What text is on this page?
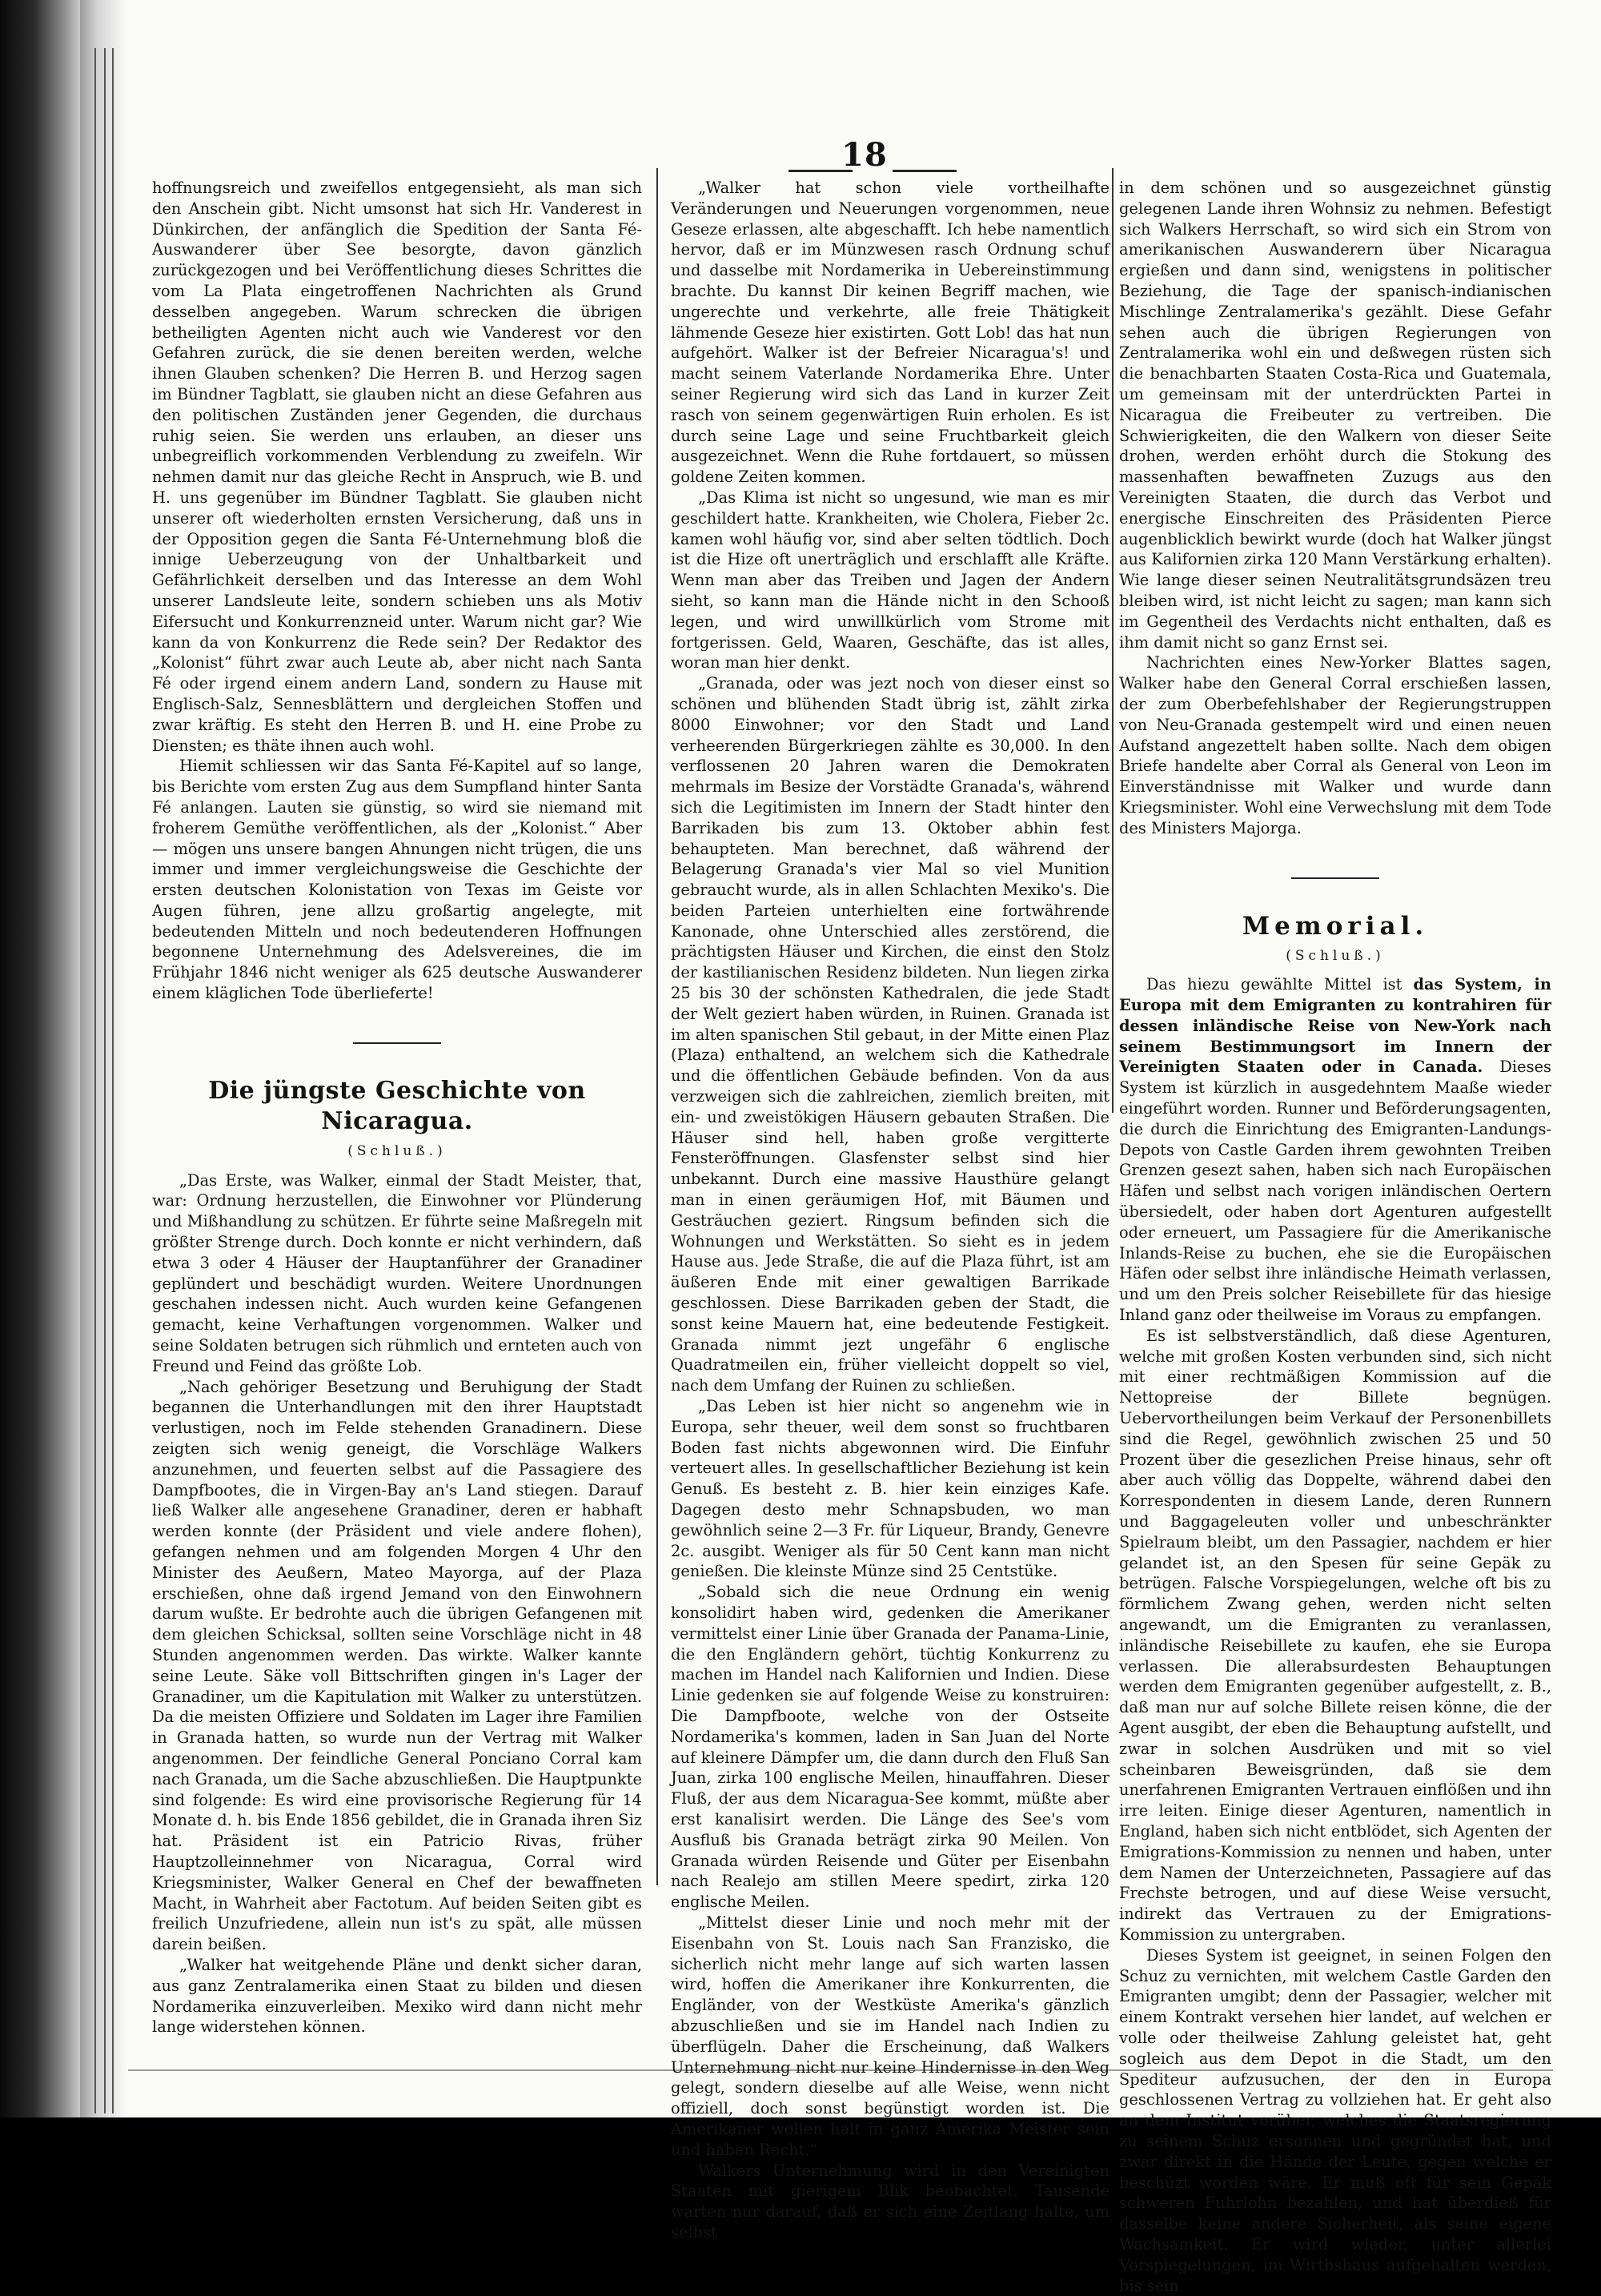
18

hoffnungsreich und zweifellos entgegensieht, als man sich den Anschein gibt. Nicht umsonst hat sich Hr. Vanderest in Dünkirchen, der anfänglich die Spedition der Santa Fé-Auswanderer über See besorgte, davon gänzlich zurückgezogen und bei Veröffentlichung dieses Schrittes die vom La Plata eingetroffenen Nachrichten als Grund desselben angegeben. Warum schrecken die übrigen betheiligten Agenten nicht auch wie Vanderest vor den Gefahren zurück, die sie denen bereiten werden, welche ihnen Glauben schenken? Die Herren B. und Herzog sagen im Bündner Tagblatt, sie glauben nicht an diese Gefahren aus den politischen Zuständen jener Gegenden, die durchaus ruhig seien. Sie werden uns erlauben, an dieser uns unbegreiflich vorkommenden Verblendung zu zweifeln. Wir nehmen damit nur das gleiche Recht in Anspruch, wie B. und H. uns gegenüber im Bündner Tagblatt. Sie glauben nicht unserer oft wiederholten ernsten Versicherung, daß uns in der Opposition gegen die Santa Fé-Unternehmung bloß die innige Ueberzeugung von der Unhaltbarkeit und Gefährlichkeit derselben und das Interesse an dem Wohl unserer Landsleute leite, sondern schieben uns als Motiv Eifersucht und Konkurrenzneid unter. Warum nicht gar? Wie kann da von Konkurrenz die Rede sein? Der Redaktor des „Kolonist“ führt zwar auch Leute ab, aber nicht nach Santa Fé oder irgend einem andern Land, sondern zu Hause mit Englisch-Salz, Sennesblättern und dergleichen Stoffen und zwar kräftig. Es steht den Herren B. und H. eine Probe zu Diensten; es thäte ihnen auch wohl.

Hiemit schliessen wir das Santa Fé-Kapitel auf so lange, bis Berichte vom ersten Zug aus dem Sumpfland hinter Santa Fé anlangen. Lauten sie günstig, so wird sie niemand mit froherem Gemüthe veröffentlichen, als der „Kolonist.“ Aber — mögen uns unsere bangen Ahnungen nicht trügen, die uns immer und immer vergleichungsweise die Geschichte der ersten deutschen Kolonistation von Texas im Geiste vor Augen führen, jene allzu großartig angelegte, mit bedeutenden Mitteln und noch bedeutenderen Hoffnungen begonnene Unternehmung des Adelsvereines, die im Frühjahr 1846 nicht weniger als 625 deutsche Auswanderer einem kläglichen Tode überlieferte!

Die jüngste Geschichte von Nicaragua.
(Schluß.)

„Das Erste, was Walker, einmal der Stadt Meister, that, war: Ordnung herzustellen, die Einwohner vor Plünderung und Mißhandlung zu schützen. Er führte seine Maßregeln mit größter Strenge durch. Doch konnte er nicht verhindern, daß etwa 3 oder 4 Häuser der Hauptanführer der Granadiner geplündert und beschädigt wurden. Weitere Unordnungen geschahen indessen nicht. Auch wurden keine Gefangenen gemacht, keine Verhaftungen vorgenommen. Walker und seine Soldaten betrugen sich rühmlich und ernteten auch von Freund und Feind das größte Lob.

„Nach gehöriger Besetzung und Beruhigung der Stadt begannen die Unterhandlungen mit den ihrer Hauptstadt verlustigen, noch im Felde stehenden Granadinern. Diese zeigten sich wenig geneigt, die Vorschläge Walkers anzunehmen, und feuerten selbst auf die Passagiere des Dampfbootes, die in Virgen-Bay an's Land stiegen. Darauf ließ Walker alle angesehene Granadiner, deren er habhaft werden konnte (der Präsident und viele andere flohen), gefangen nehmen und am folgenden Morgen 4 Uhr den Minister des Aeußern, Mateo Mayorga, auf der Plaza erschießen, ohne daß irgend Jemand von den Einwohnern darum wußte. Er bedrohte auch die übrigen Gefangenen mit dem gleichen Schicksal, sollten seine Vorschläge nicht in 48 Stunden angenommen werden. Das wirkte. Walker kannte seine Leute. Säke voll Bittschriften gingen in's Lager der Granadiner, um die Kapitulation mit Walker zu unterstützen. Da die meisten Offiziere und Soldaten im Lager ihre Familien in Granada hatten, so wurde nun der Vertrag mit Walker angenommen. Der feindliche General Ponciano Corral kam nach Granada, um die Sache abzuschließen. Die Hauptpunkte sind folgende: Es wird eine provisorische Regierung für 14 Monate d. h. bis Ende 1856 gebildet, die in Granada ihren Siz hat. Präsident ist ein Patricio Rivas, früher Hauptzolleinnehmer von Nicaragua, Corral wird Kriegsminister, Walker General en Chef der bewaffneten Macht, in Wahrheit aber Factotum. Auf beiden Seiten gibt es freilich Unzufriedene, allein nun ist's zu spät, alle müssen darein beißen.

„Walker hat weitgehende Pläne und denkt sicher daran, aus ganz Zentralamerika einen Staat zu bilden und diesen Nordamerika einzuverleiben. Mexiko wird dann nicht mehr lange widerstehen können.

„Walker hat schon viele vortheilhafte Veränderungen und Neuerungen vorgenommen, neue Geseze erlassen, alte abgeschafft. Ich hebe namentlich hervor, daß er im Münzwesen rasch Ordnung schuf und dasselbe mit Nordamerika in Uebereinstimmung brachte. Du kannst Dir keinen Begriff machen, wie ungerechte und verkehrte, alle freie Thätigkeit lähmende Geseze hier existirten. Gott Lob! das hat nun aufgehört. Walker ist der Befreier Nicaragua's! und macht seinem Vaterlande Nordamerika Ehre. Unter seiner Regierung wird sich das Land in kurzer Zeit rasch von seinem gegenwärtigen Ruin erholen. Es ist durch seine Lage und seine Fruchtbarkeit gleich ausgezeichnet. Wenn die Ruhe fortdauert, so müssen goldene Zeiten kommen.

„Das Klima ist nicht so ungesund, wie man es mir geschildert hatte. Krankheiten, wie Cholera, Fieber 2c. kamen wohl häufig vor, sind aber selten tödtlich. Doch ist die Hize oft unerträglich und erschlafft alle Kräfte. Wenn man aber das Treiben und Jagen der Andern sieht, so kann man die Hände nicht in den Schooß legen, und wird unwillkürlich vom Strome mit fortgerissen. Geld, Waaren, Geschäfte, das ist alles, woran man hier denkt.

„Granada, oder was jezt noch von dieser einst so schönen und blühenden Stadt übrig ist, zählt zirka 8000 Einwohner; vor den Stadt und Land verheerenden Bürgerkriegen zählte es 30,000. In den verflossenen 20 Jahren waren die Demokraten mehrmals im Besize der Vorstädte Granada's, während sich die Legitimisten im Innern der Stadt hinter den Barrikaden bis zum 13. Oktober abhin fest behaupteten. Man berechnet, daß während der Belagerung Granada's vier Mal so viel Munition gebraucht wurde, als in allen Schlachten Mexiko's. Die beiden Parteien unterhielten eine fortwährende Kanonade, ohne Unterschied alles zerstörend, die prächtigsten Häuser und Kirchen, die einst den Stolz der kastilianischen Residenz bildeten. Nun liegen zirka 25 bis 30 der schönsten Kathedralen, die jede Stadt der Welt geziert haben würden, in Ruinen. Granada ist im alten spanischen Stil gebaut, in der Mitte einen Plaz (Plaza) enthaltend, an welchem sich die Kathedrale und die öffentlichen Gebäude befinden. Von da aus verzweigen sich die zahlreichen, ziemlich breiten, mit ein- und zweistökigen Häusern gebauten Straßen. Die Häuser sind hell, haben große vergitterte Fensteröffnungen. Glasfenster selbst sind hier unbekannt. Durch eine massive Hausthüre gelangt man in einen geräumigen Hof, mit Bäumen und Gesträuchen geziert. Ringsum befinden sich die Wohnungen und Werkstätten. So sieht es in jedem Hause aus. Jede Straße, die auf die Plaza führt, ist am äußeren Ende mit einer gewaltigen Barrikade geschlossen. Diese Barrikaden geben der Stadt, die sonst keine Mauern hat, eine bedeutende Festigkeit. Granada nimmt jezt ungefähr 6 englische Quadratmeilen ein, früher vielleicht doppelt so viel, nach dem Umfang der Ruinen zu schließen.

„Das Leben ist hier nicht so angenehm wie in Europa, sehr theuer, weil dem sonst so fruchtbaren Boden fast nichts abgewonnen wird. Die Einfuhr verteuert alles. In gesellschaftlicher Beziehung ist kein Genuß. Es besteht z. B. hier kein einziges Kafe. Dagegen desto mehr Schnapsbuden, wo man gewöhnlich seine 2—3 Fr. für Liqueur, Brandy, Genevre 2c. ausgibt. Weniger als für 50 Cent kann man nicht genießen. Die kleinste Münze sind 25 Centstüke.

„Sobald sich die neue Ordnung ein wenig konsolidirt haben wird, gedenken die Amerikaner vermittelst einer Linie über Granada der Panama-Linie, die den Engländern gehört, tüchtig Konkurrenz zu machen im Handel nach Kalifornien und Indien. Diese Linie gedenken sie auf folgende Weise zu konstruiren: Die Dampfboote, welche von der Ostseite Nordamerika's kommen, laden in San Juan del Norte auf kleinere Dämpfer um, die dann durch den Fluß San Juan, zirka 100 englische Meilen, hinauffahren. Dieser Fluß, der aus dem Nicaragua-See kommt, müßte aber erst kanalisirt werden. Die Länge des See's vom Ausfluß bis Granada beträgt zirka 90 Meilen. Von Granada würden Reisende und Güter per Eisenbahn nach Realejo am stillen Meere spedirt, zirka 120 englische Meilen.

„Mittelst dieser Linie und noch mehr mit der Eisenbahn von St. Louis nach San Franzisko, die sicherlich nicht mehr lange auf sich warten lassen wird, hoffen die Amerikaner ihre Konkurrenten, die Engländer, von der Westküste Amerika's gänzlich abzuschließen und sie im Handel nach Indien zu überflügeln. Daher die Erscheinung, daß Walkers Unternehmung nicht nur keine Hindernisse in den Weg gelegt, sondern dieselbe auf alle Weise, wenn nicht offiziell, doch sonst begünstigt worden ist. Die Amerikaner wollen halt in ganz Amerika Meister sein und haben Recht.“

Walkers Unternehmung wird in den Vereinigten Staaten mit gierigem Blik beobachtet. Tausende warten nur darauf, daß er sich eine Zeitlang halte, um selbst

in dem schönen und so ausgezeichnet günstig gelegenen Lande ihren Wohnsiz zu nehmen. Befestigt sich Walkers Herrschaft, so wird sich ein Strom von amerikanischen Auswanderern über Nicaragua ergießen und dann sind, wenigstens in politischer Beziehung, die Tage der spanisch-indianischen Mischlinge Zentralamerika's gezählt. Diese Gefahr sehen auch die übrigen Regierungen von Zentralamerika wohl ein und deßwegen rüsten sich die benachbarten Staaten Costa-Rica und Guatemala, um gemeinsam mit der unterdrückten Partei in Nicaragua die Freibeuter zu vertreiben. Die Schwierigkeiten, die den Walkern von dieser Seite drohen, werden erhöht durch die Stokung des massenhaften bewaffneten Zuzugs aus den Vereinigten Staaten, die durch das Verbot und energische Einschreiten des Präsidenten Pierce augenblicklich bewirkt wurde (doch hat Walker jüngst aus Kalifornien zirka 120 Mann Verstärkung erhalten). Wie lange dieser seinen Neutralitätsgrundsäzen treu bleiben wird, ist nicht leicht zu sagen; man kann sich im Gegentheil des Verdachts nicht enthalten, daß es ihm damit nicht so ganz Ernst sei.

Nachrichten eines New-Yorker Blattes sagen, Walker habe den General Corral erschießen lassen, der zum Oberbefehlshaber der Regierungstruppen von Neu-Granada gestempelt wird und einen neuen Aufstand angezettelt haben sollte. Nach dem obigen Briefe handelte aber Corral als General von Leon im Einverständnisse mit Walker und wurde dann Kriegsminister. Wohl eine Verwechslung mit dem Tode des Ministers Majorga.

Memorial.
(Schluß.)

Das hiezu gewählte Mittel ist das System, in Europa mit dem Emigranten zu kontrahiren für dessen inländische Reise von New-York nach seinem Bestimmungsort im Innern der Vereinigten Staaten oder in Canada. Dieses System ist kürzlich in ausgedehntem Maaße wieder eingeführt worden. Runner und Beförderungsagenten, die durch die Einrichtung des Emigranten-Landungs-Depots von Castle Garden ihrem gewohnten Treiben Grenzen gesezt sahen, haben sich nach Europäischen Häfen und selbst nach vorigen inländischen Oertern übersiedelt, oder haben dort Agenturen aufgestellt oder erneuert, um Passagiere für die Amerikanische Inlands-Reise zu buchen, ehe sie die Europäischen Häfen oder selbst ihre inländische Heimath verlassen, und um den Preis solcher Reisebillete für das hiesige Inland ganz oder theilweise im Voraus zu empfangen.

Es ist selbstverständlich, daß diese Agenturen, welche mit großen Kosten verbunden sind, sich nicht mit einer rechtmäßigen Kommission auf die Nettopreise der Billete begnügen. Uebervortheilungen beim Verkauf der Personenbillets sind die Regel, gewöhnlich zwischen 25 und 50 Prozent über die gesezlichen Preise hinaus, sehr oft aber auch völlig das Doppelte, während dabei den Korrespondenten in diesem Lande, deren Runnern und Baggageleuten voller und unbeschränkter Spielraum bleibt, um den Passagier, nachdem er hier gelandet ist, an den Spesen für seine Gepäk zu betrügen. Falsche Vorspiegelungen, welche oft bis zu förmlichem Zwang gehen, werden nicht selten angewandt, um die Emigranten zu veranlassen, inländische Reisebillete zu kaufen, ehe sie Europa verlassen. Die allerabsurdesten Behauptungen werden dem Emigranten gegenüber aufgestellt, z. B., daß man nur auf solche Billete reisen könne, die der Agent ausgibt, der eben die Behauptung aufstellt, und zwar in solchen Ausdrüken und mit so viel scheinbaren Beweisgründen, daß sie dem unerfahrenen Emigranten Vertrauen einflößen und ihn irre leiten. Einige dieser Agenturen, namentlich in England, haben sich nicht entblödet, sich Agenten der Emigrations-Kommission zu nennen und haben, unter dem Namen der Unterzeichneten, Passagiere auf das Frechste betrogen, und auf diese Weise versucht, indirekt das Vertrauen zu der Emigrations-Kommission zu untergraben.

Dieses System ist geeignet, in seinen Folgen den Schuz zu vernichten, mit welchem Castle Garden den Emigranten umgibt; denn der Passagier, welcher mit einem Kontrakt versehen hier landet, auf welchen er volle oder theilweise Zahlung geleistet hat, geht sogleich aus dem Depot in die Stadt, um den Spediteur aufzusuchen, der den in Europa geschlossenen Vertrag zu vollziehen hat. Er geht also an dem Institut vorüber, welches die Staatsregierung zu seinem Schuz ersonnen und gegründet hat, und zwar direkt in die Hände der Leute, gegen welche er beschüzt worden wäre. Er muß oft für sein Gepäk schweren Fuhrlohn bezahlen, und hat überdieß für dasselbe keine andere Sicherheit, als seine eigene Wachsamkeit. Er wird wieder, unter allerlei Vorspiegelungen, im Wirthshaus aufgehalten werden, bis sein
